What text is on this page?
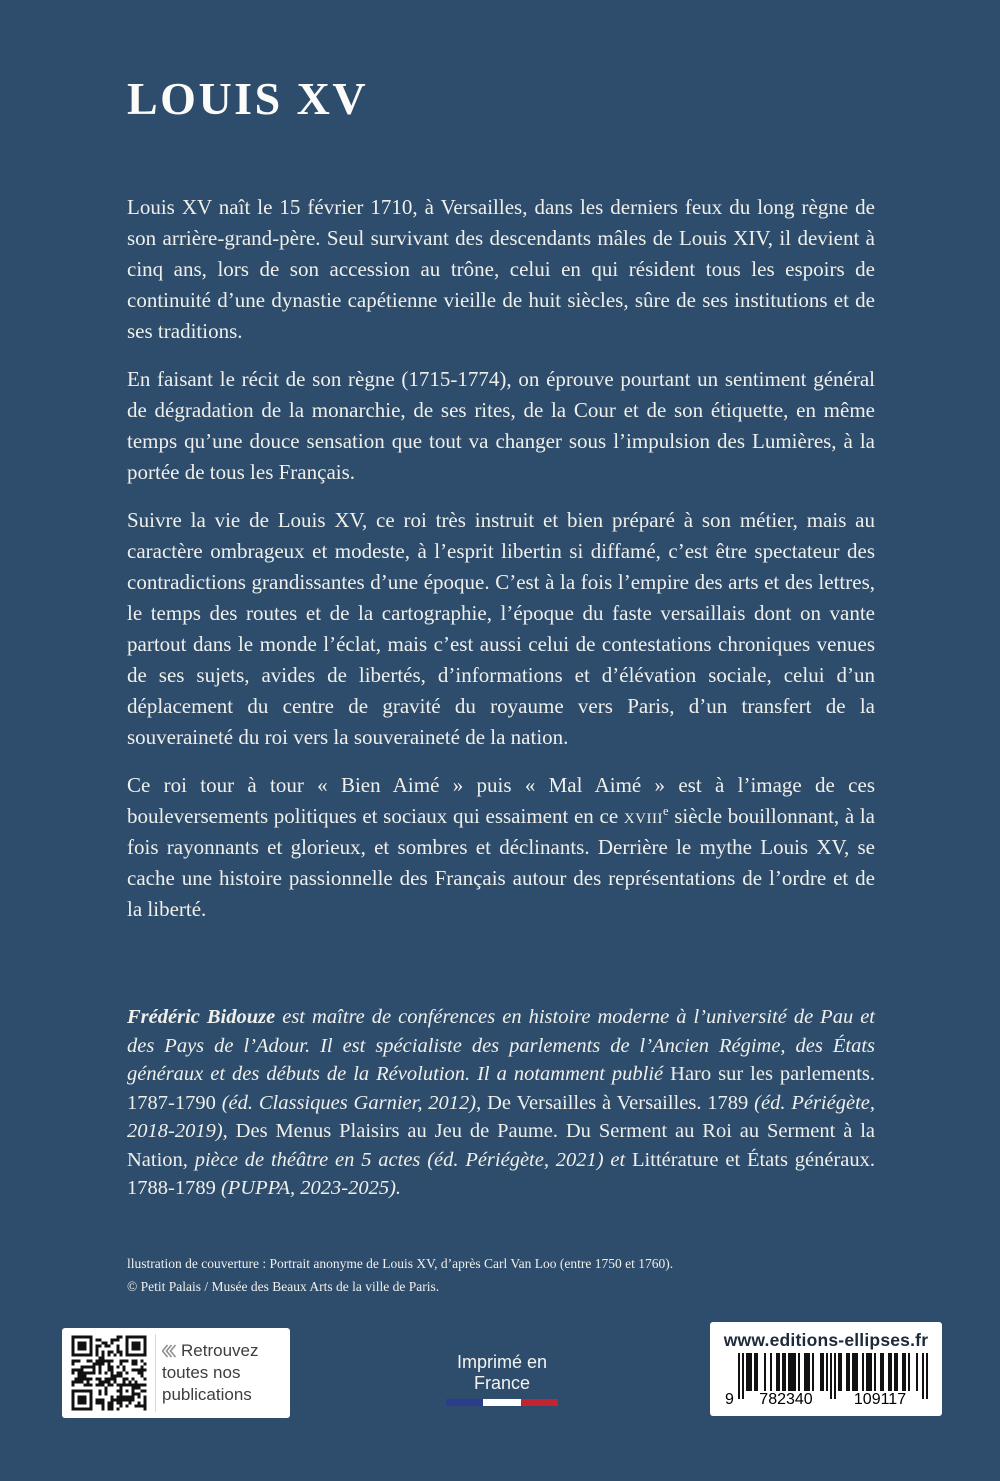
LOUIS XV

Louis XV naît le 15 février 1710, à Versailles, dans les derniers feux du long règne de son arrière-grand-père. Seul survivant des descendants mâles de Louis XIV, il devient à cinq ans, lors de son accession au trône, celui en qui résident tous les espoirs de continuité d’une dynastie capétienne vieille de huit siècles, sûre de ses institutions et de ses traditions.

En faisant le récit de son règne (1715-1774), on éprouve pourtant un sentiment général de dégradation de la monarchie, de ses rites, de la Cour et de son étiquette, en même temps qu’une douce sensation que tout va changer sous l’impulsion des Lumières, à la portée de tous les Français.

Suivre la vie de Louis XV, ce roi très instruit et bien préparé à son métier, mais au caractère ombrageux et modeste, à l’esprit libertin si diffamé, c’est être spectateur des contradictions grandissantes d’une époque. C’est à la fois l’empire des arts et des lettres, le temps des routes et de la cartographie, l’époque du faste versaillais dont on vante partout dans le monde l’éclat, mais c’est aussi celui de contestations chroniques venues de ses sujets, avides de libertés, d’informations et d’élévation sociale, celui d’un déplacement du centre de gravité du royaume vers Paris, d’un transfert de la souveraineté du roi vers la souveraineté de la nation.

Ce roi tour à tour « Bien Aimé » puis « Mal Aimé » est à l’image de ces bouleversements politiques et sociaux qui essaiment en ce xviii$^e$ siècle bouillonnant, à la fois rayonnants et glorieux, et sombres et déclinants. Derrière le mythe Louis XV, se cache une histoire passionnelle des Français autour des représentations de l’ordre et de la liberté.

Frédéric Bidouze est maître de conférences en histoire moderne à l’université de Pau et des Pays de l’Adour. Il est spécialiste des parlements de l’Ancien Régime, des États généraux et des débuts de la Révolution. Il a notamment publié Haro sur les parlements. 1787-1790 (éd. Classiques Garnier, 2012), De Versailles à Versailles. 1789 (éd. Périégète, 2018-2019), Des Menus Plaisirs au Jeu de Paume. Du Serment au Roi au Serment à la Nation, pièce de théâtre en 5 actes (éd. Périégète, 2021) et Littérature et États généraux. 1788-1789 (PUPPA, 2023-2025).
llustration de couverture : Portrait anonyme de Louis XV, d’après Carl Van Loo (entre 1750 et 1760).
© Petit Palais / Musée des Beaux Arts de la ville de Paris.
Retrouvez
toutes nos
publications
Imprimé en France
www.editions-ellipses.fr
9 782340	109117
